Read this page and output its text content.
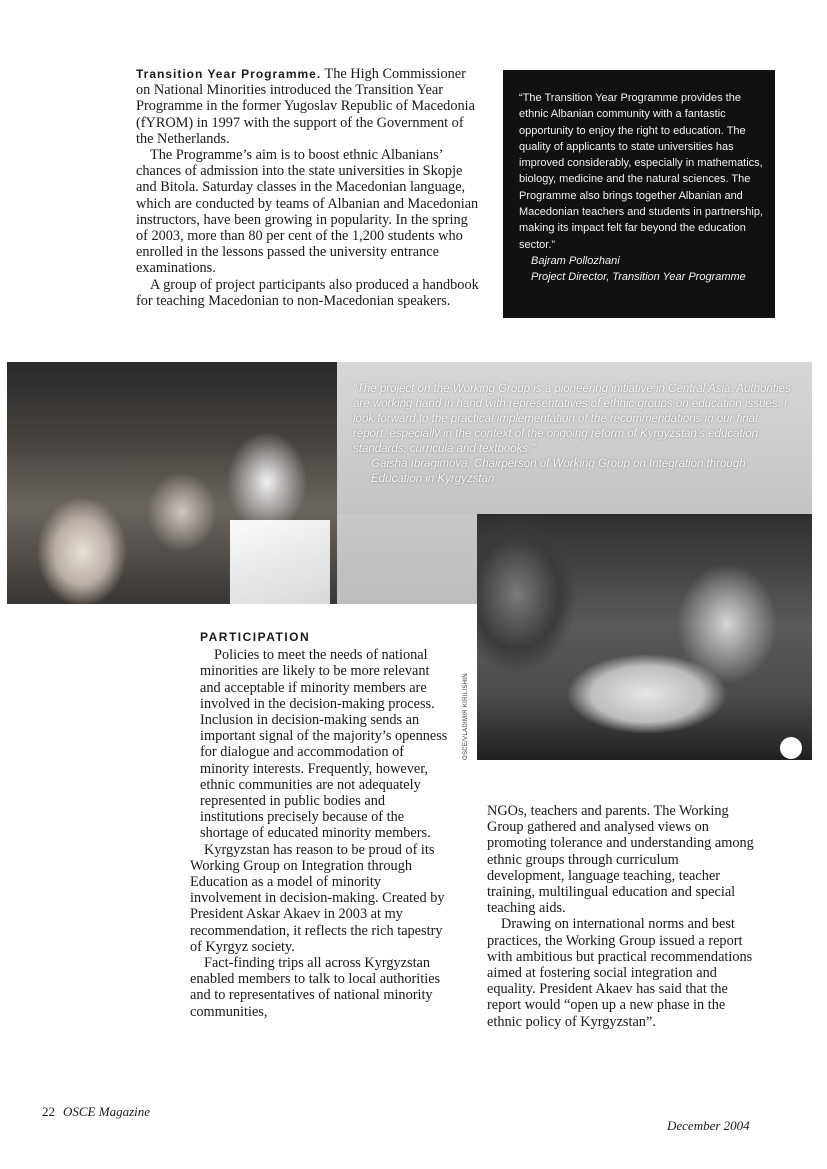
Transition Year Programme. The High Commissioner on National Minorities introduced the Transition Year Programme in the former Yugoslav Republic of Macedonia (fYROM) in 1997 with the support of the Government of the Netherlands.

The Programme’s aim is to boost ethnic Albanians’ chances of admission into the state universities in Skopje and Bitola. Saturday classes in the Macedonian language, which are conducted by teams of Albanian and Macedonian instructors, have been growing in popularity. In the spring of 2003, more than 80 per cent of the 1,200 students who enrolled in the lessons passed the university entrance examinations.

A group of project participants also produced a handbook for teaching Macedonian to non-Macedonian speakers.

“The Transition Year Programme provides the ethnic Albanian community with a fantastic opportunity to enjoy the right to education. The quality of applicants to state universities has improved considerably, especially in mathematics, biology, medicine and the natural sciences. The Programme also brings together Albanian and Macedonian teachers and students in partnership, making its impact felt far beyond the education sector.”
Bajram Pollozhani
Project Director, Transition Year Programme
“The project on the Working Group is a pioneering initiative in Central Asia. Authorities are working hand in hand with representatives of ethnic groups on education issues. I look forward to the practical implementation of the recommendations in our final report, especially in the context of the ongoing reform of Kyrgyzstan’s education standards, curricula and textbooks.”
Gaisha Ibragimova, Chairperson of Working Group on Integration through Education in Kyrgyzstan
OSCE/VLADIMIR KIRILISHIN
PARTICIPATION

Policies to meet the needs of national minorities are likely to be more relevant and acceptable if minority members are involved in the decision-making process. Inclusion in decision-making sends an important signal of the majority’s openness for dialogue and accommodation of minority interests. Frequently, however, ethnic communities are not adequately represented in public bodies and institutions precisely because of the shortage of educated minority members.

Kyrgyzstan has reason to be proud of its Working Group on Integration through Education as a model of minority involvement in decision-making. Created by President Askar Akaev in 2003 at my recommendation, it reflects the rich tapestry of Kyrgyz society.

Fact-finding trips all across Kyrgyzstan enabled members to talk to local authorities and to representatives of national minority communities,

NGOs, teachers and parents. The Working Group gathered and analysed views on promoting tolerance and understanding among ethnic groups through curriculum development, language teaching, teacher training, multilingual education and special teaching aids.

Drawing on international norms and best practices, the Working Group issued a report with ambitious but practical recommendations aimed at fostering social integration and equality. President Akaev has said that the report would “open up a new phase in the ethnic policy of Kyrgyzstan”.

22 OSCE Magazine
December 2004
